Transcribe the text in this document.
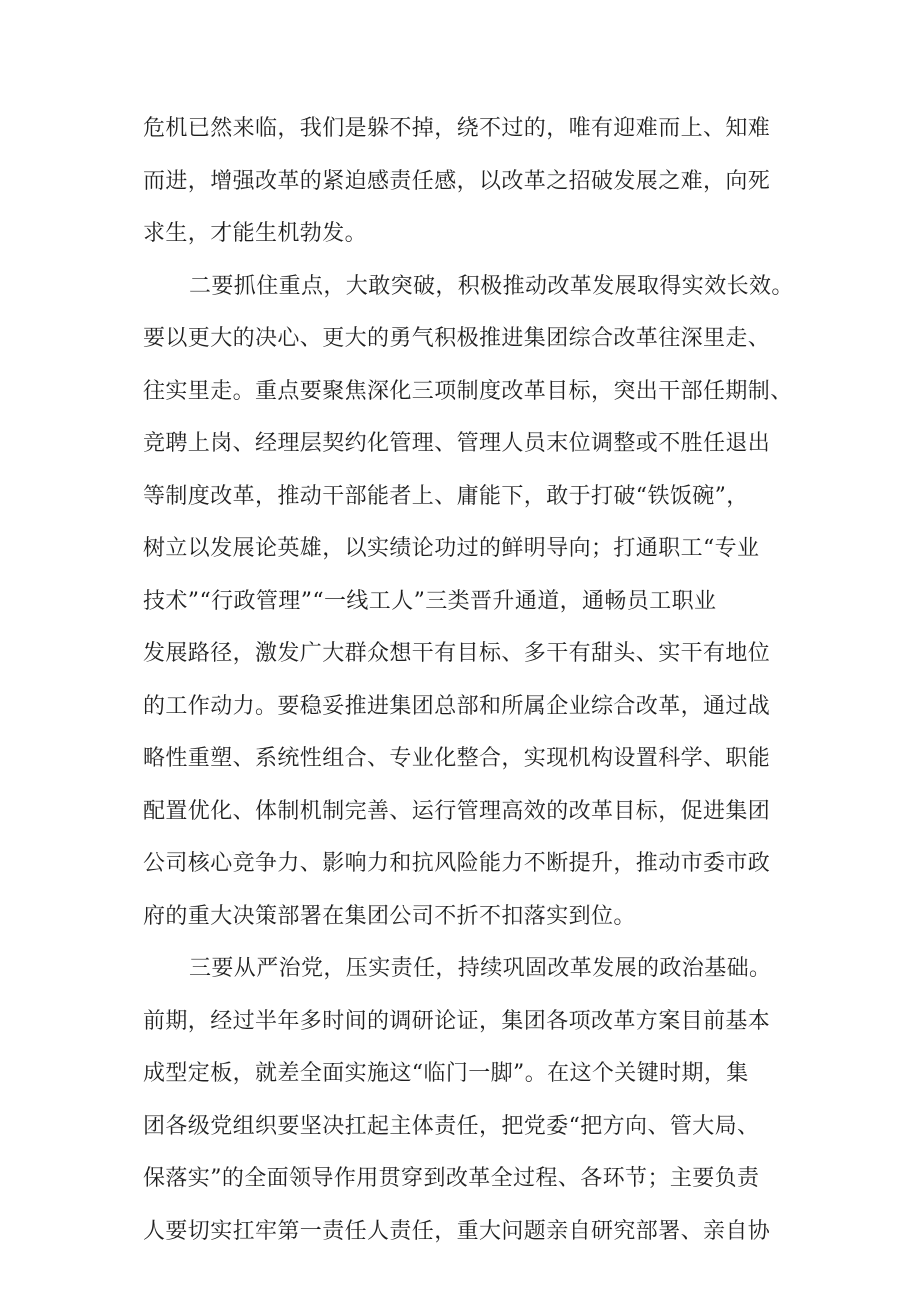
危机已然来临，我们是躲不掉，绕不过的，唯有迎难而上、知难
而进，增强改革的紧迫感责任感，以改革之招破发展之难，向死
求生，才能生机勃发。
二要抓住重点，大敢突破，积极推动改革发展取得实效长效。
要以更大的决心、更大的勇气积极推进集团综合改革往深里走、
往实里走。重点要聚焦深化三项制度改革目标，突出干部任期制、
竞聘上岗、经理层契约化管理、管理人员末位调整或不胜任退出
等制度改革，推动干部能者上、庸能下，敢于打破“铁饭碗”，
树立以发展论英雄，以实绩论功过的鲜明导向；打通职工“专业
技术”“行政管理”“一线工人”三类晋升通道，通畅员工职业
发展路径，激发广大群众想干有目标、多干有甜头、实干有地位
的工作动力。要稳妥推进集团总部和所属企业综合改革，通过战
略性重塑、系统性组合、专业化整合，实现机构设置科学、职能
配置优化、体制机制完善、运行管理高效的改革目标，促进集团
公司核心竞争力、影响力和抗风险能力不断提升，推动市委市政
府的重大决策部署在集团公司不折不扣落实到位。
三要从严治党，压实责任，持续巩固改革发展的政治基础。
前期，经过半年多时间的调研论证，集团各项改革方案目前基本
成型定板，就差全面实施这“临门一脚”。在这个关键时期，集
团各级党组织要坚决扛起主体责任，把党委“把方向、管大局、
保落实”的全面领导作用贯穿到改革全过程、各环节；主要负责
人要切实扛牢第一责任人责任，重大问题亲自研究部署、亲自协
